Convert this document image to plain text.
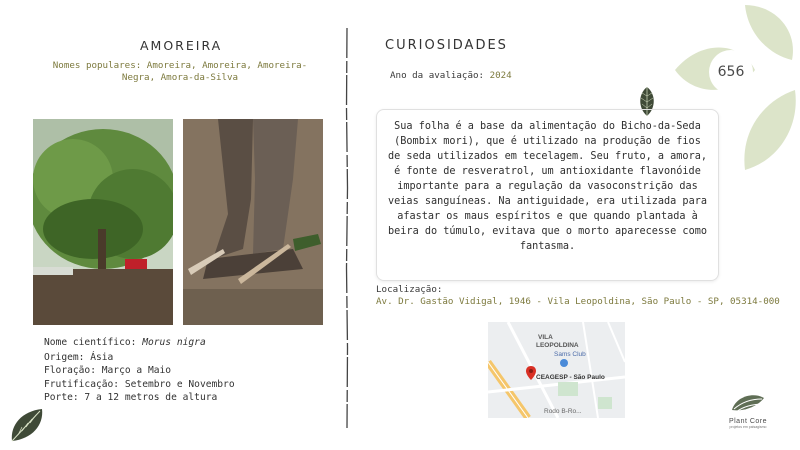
656
AMOREIRA
Nomes populares: Amoreira, Amoreira, Amoreira-Negra, Amora-da-Silva
Nome científico: Morus nigra
Origem: Ásia
Floração: Março a Maio
Frutificação: Setembro e Novembro
Porte: 7 a 12 metros de altura
CURIOSIDADES
Ano da avaliação: 2024
Sua folha é a base da alimentação do Bicho-da-Seda (Bombix mori), que é utilizado na produção de fios de seda utilizados em tecelagem. Seu fruto, a amora, é fonte de resveratrol, um antioxidante flavonóide importante para a regulação da vasoconstrição das veias sanguíneas. Na antiguidade, era utilizada para afastar os maus espíritos e que quando plantada à beira do túmulo, evitava que o morto aparecesse como fantasma.
Localização:
Av. Dr. Gastão Vidigal, 1946 - Vila Leopoldina, São Paulo - SP, 05314-000
VILA
LEOPOLDINA
Sams Club
CEAGESP - São Paulo
Rodo B-Ro...
Plant Core
projetos em paisagismo
